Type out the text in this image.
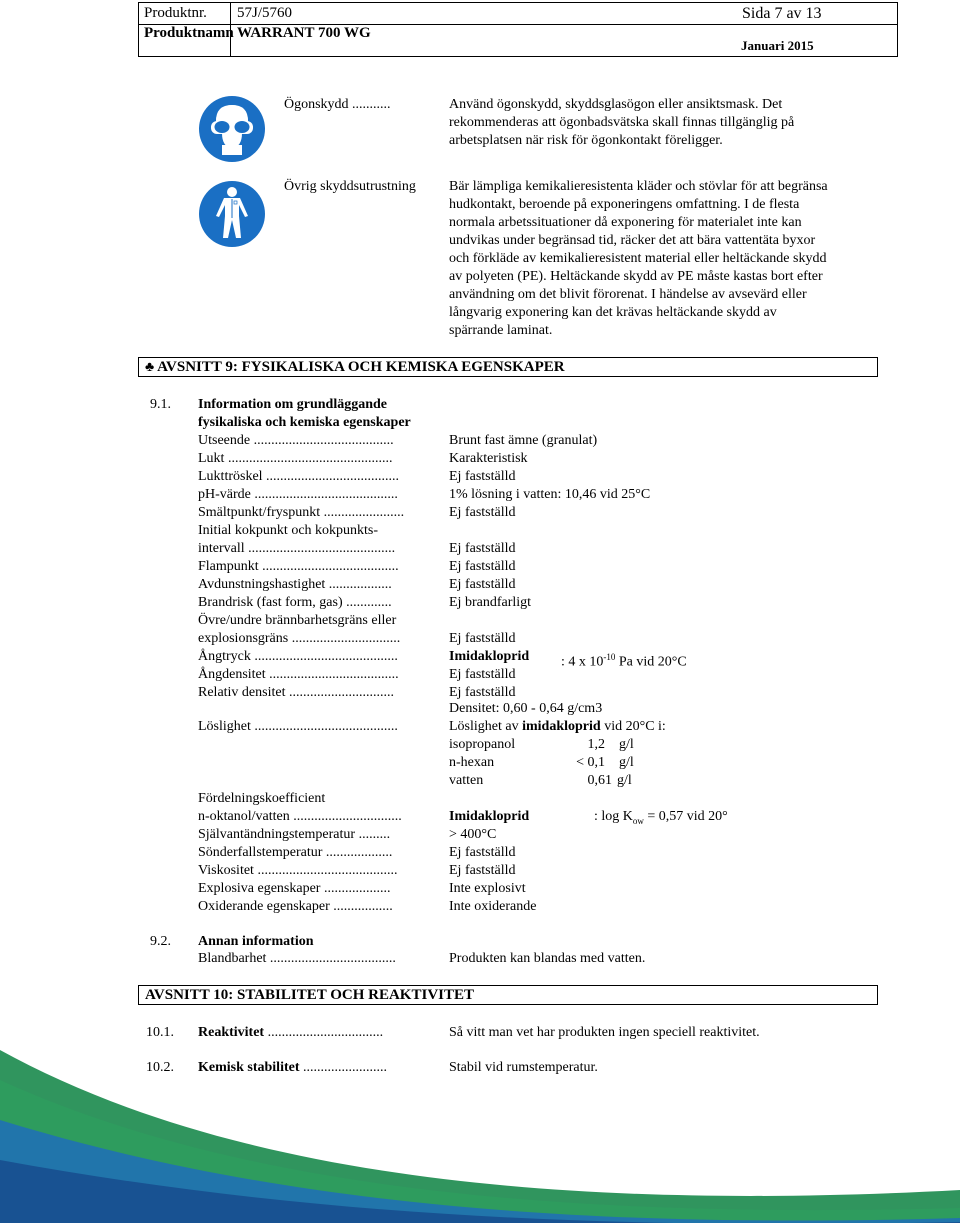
Produktnr. 57J/5760	Sida 7 av 13
Produktnamn WARRANT 700 WG
Januari 2015
Ögonskydd ...........	Använd ögonskydd, skyddsglasögon eller ansiktsmask. Det
rekommenderas att ögonbadsvätska skall finnas tillgänglig på
arbetsplatsen när risk för ögonkontakt föreligger.
Övrig skyddsutrustning Bär lämpliga kemikalieresistenta kläder och stövlar för att begränsa
hudkontakt, beroende på exponeringens omfattning. I de flesta
normala arbetssituationer då exponering för materialet inte kan
undvikas under begränsad tid, räcker det att bära vattentäta byxor
och förkläde av kemikalieresistent material eller heltäckande skydd
av polyeten (PE). Heltäckande skydd av PE måste kastas bort efter
användning om det blivit förorenat. I händelse av avsevärd eller
långvarig exponering kan det krävas heltäckande skydd av
spärrande laminat.
♣ AVSNITT 9: FYSIKALISKA OCH KEMISKA EGENSKAPER
9.1. Information om grundläggande
fysikaliska och kemiska egenskaper
Utseende ........................................	Brunt fast ämne (granulat)
Lukt ...............................................	Karakteristisk
Lukttröskel ......................................	Ej fastställd
pH-värde .........................................	1% lösning i vatten: 10,46 vid 25°C
Smältpunkt/fryspunkt .......................	Ej fastställd
Initial kokpunkt och kokpunkts-
intervall ..........................................	Ej fastställd
Flampunkt .......................................	Ej fastställd
Avdunstningshastighet ..................	Ej fastställd
Brandrisk (fast form, gas) .............	Ej brandfarligt
Övre/undre brännbarhetsgräns eller
explosionsgräns ...............................	Ej fastställd
Ångtryck .........................................	Imidakloprid : 4 x $10^{-10}$ Pa vid 20°C
Ångdensitet .....................................	Ej fastställd
Relativ densitet ..............................	Ej fastställd
Densitet: 0,60 - 0,64 g/cm3
Löslighet .........................................	Löslighet av imidakloprid vid 20°C i:
isopropanol	1,2 g/l
n-hexan	< 0,1 g/l
vatten	0,61 g/l
Fördelningskoefficient
n-oktanol/vatten ...............................	Imidakloprid	: $\log K_{ow} = 0,57$ vid 20°
Självantändningstemperatur .........	> 400°C
Sönderfallstemperatur ...................	Ej fastställd
Viskositet ........................................	Ej fastställd
Explosiva egenskaper ...................	Inte explosivt
Oxiderande egenskaper .................	Inte oxiderande
9.2. Annan information
Blandbarhet ....................................	Produkten kan blandas med vatten.
AVSNITT 10: STABILITET OCH REAKTIVITET
10.1. Reaktivitet .................................	Så vitt man vet har produkten ingen speciell reaktivitet.
10.2. Kemisk stabilitet ........................	Stabil vid rumstemperatur.
